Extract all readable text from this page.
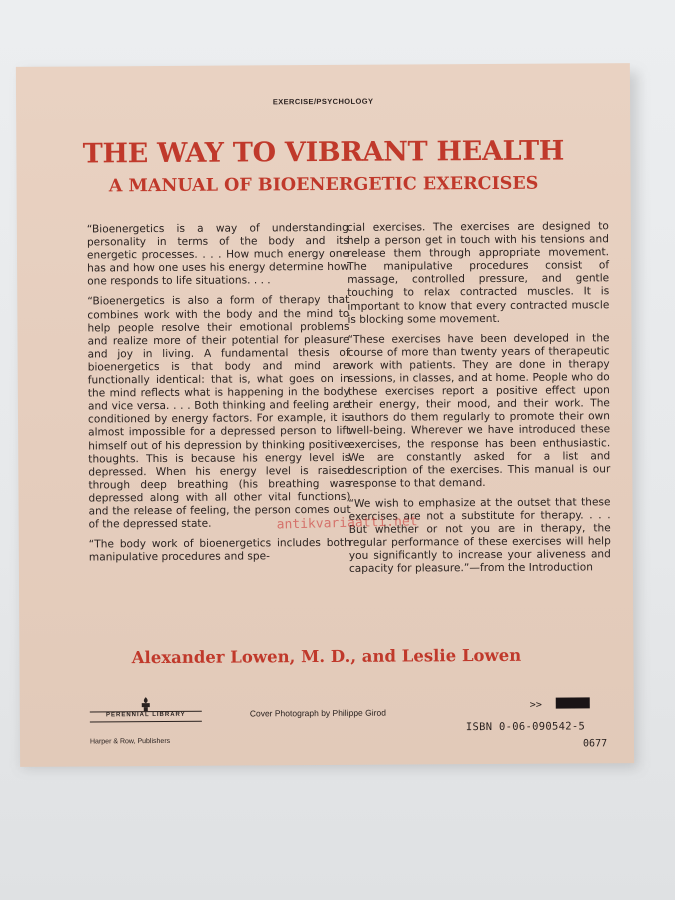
EXERCISE/PSYCHOLOGY
THE WAY TO VIBRANT HEALTH
A MANUAL OF BIOENERGETIC EXERCISES

“Bioenergetics is a way of understanding personality in terms of the body and its energetic processes. . . . How much energy one has and how one uses his energy determine how one responds to life situations. . . .

“Bioenergetics is also a form of therapy that combines work with the body and the mind to help people resolve their emotional problems and realize more of their potential for pleasure and joy in living. A fundamental thesis of bioenergetics is that body and mind are functionally identical: that is, what goes on in the mind reflects what is happening in the body and vice versa. . . . Both thinking and feeling are conditioned by energy factors. For example, it is almost impossible for a depressed person to lift himself out of his depression by thinking positive thoughts. This is because his energy level is depressed. When his energy level is raised through deep breathing (his breathing was depressed along with all other vital functions) and the release of feeling, the person comes out of the depressed state.

“The body work of bioenergetics includes both manipulative procedures and spe-

cial exercises. The exercises are designed to help a person get in touch with his tensions and release them through appropriate movement. The manipulative procedures consist of massage, controlled pressure, and gentle touching to relax contracted muscles. It is important to know that every contracted muscle is blocking some movement.

“These exercises have been developed in the course of more than twenty years of therapeutic work with patients. They are done in therapy sessions, in classes, and at home. People who do these exercises report a positive effect upon their energy, their mood, and their work. The authors do them regularly to promote their own well-being. Wherever we have introduced these exercises, the response has been enthusiastic. We are constantly asked for a list and description of the exercises. This manual is our response to that demand.

“We wish to emphasize at the outset that these exercises are not a substitute for therapy. . . . But whether or not you are in therapy, the regular performance of these exercises will help you significantly to increase your aliveness and capacity for pleasure.”—from the Introduction

Alexander Lowen, M. D., and Leslie Lowen
PERENNIAL LIBRARY
Harper & Row, Publishers
Cover Photograph by Philippe Girod
>>
ISBN 0-06-090542-5
0677
antikvariaatti.net
